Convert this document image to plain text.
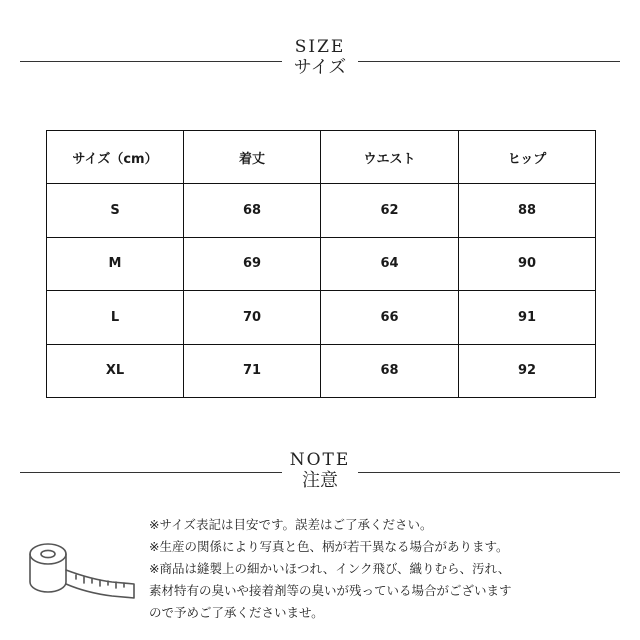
SIZE
サイズ
サイズ（cm）	着丈	ウエスト	ヒップ
S	68	62	88
M	69	64	90
L	70	66	91
XL	71	68	92
NOTE
注意
※サイズ表記は目安です。誤差はご了承ください。
※生産の関係により写真と色、柄が若干異なる場合があります。
※商品は縫製上の細かいほつれ、インク飛び、織りむら、汚れ、
素材特有の臭いや接着剤等の臭いが残っている場合がございます
ので予めご了承くださいませ。
